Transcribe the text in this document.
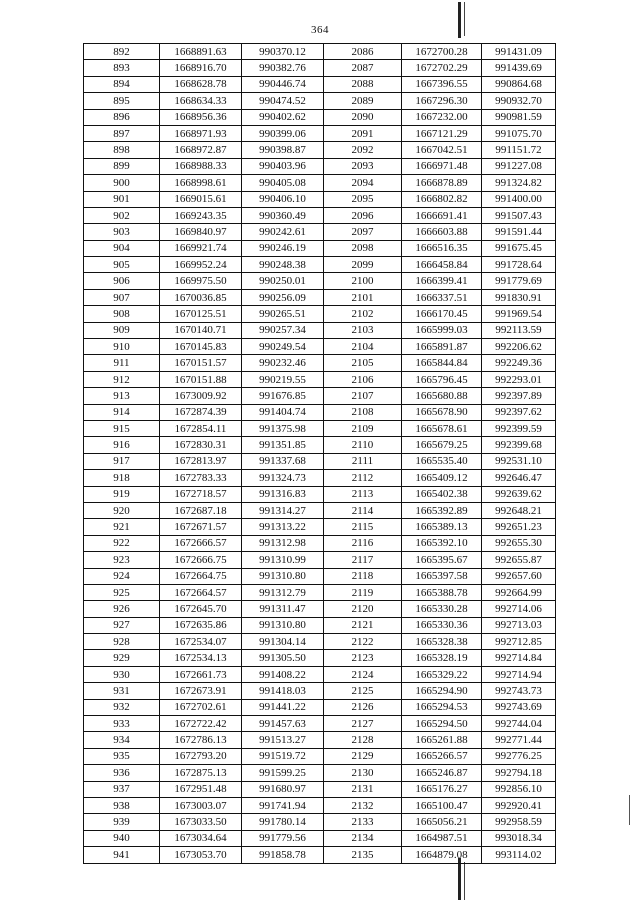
364
892	1668891.63	990370.12	2086	1672700.28	991431.09
893	1668916.70	990382.76	2087	1672702.29	991439.69
894	1668628.78	990446.74	2088	1667396.55	990864.68
895	1668634.33	990474.52	2089	1667296.30	990932.70
896	1668956.36	990402.62	2090	1667232.00	990981.59
897	1668971.93	990399.06	2091	1667121.29	991075.70
898	1668972.87	990398.87	2092	1667042.51	991151.72
899	1668988.33	990403.96	2093	1666971.48	991227.08
900	1668998.61	990405.08	2094	1666878.89	991324.82
901	1669015.61	990406.10	2095	1666802.82	991400.00
902	1669243.35	990360.49	2096	1666691.41	991507.43
903	1669840.97	990242.61	2097	1666603.88	991591.44
904	1669921.74	990246.19	2098	1666516.35	991675.45
905	1669952.24	990248.38	2099	1666458.84	991728.64
906	1669975.50	990250.01	2100	1666399.41	991779.69
907	1670036.85	990256.09	2101	1666337.51	991830.91
908	1670125.51	990265.51	2102	1666170.45	991969.54
909	1670140.71	990257.34	2103	1665999.03	992113.59
910	1670145.83	990249.54	2104	1665891.87	992206.62
911	1670151.57	990232.46	2105	1665844.84	992249.36
912	1670151.88	990219.55	2106	1665796.45	992293.01
913	1673009.92	991676.85	2107	1665680.88	992397.89
914	1672874.39	991404.74	2108	1665678.90	992397.62
915	1672854.11	991375.98	2109	1665678.61	992399.59
916	1672830.31	991351.85	2110	1665679.25	992399.68
917	1672813.97	991337.68	2111	1665535.40	992531.10
918	1672783.33	991324.73	2112	1665409.12	992646.47
919	1672718.57	991316.83	2113	1665402.38	992639.62
920	1672687.18	991314.27	2114	1665392.89	992648.21
921	1672671.57	991313.22	2115	1665389.13	992651.23
922	1672666.57	991312.98	2116	1665392.10	992655.30
923	1672666.75	991310.99	2117	1665395.67	992655.87
924	1672664.75	991310.80	2118	1665397.58	992657.60
925	1672664.57	991312.79	2119	1665388.78	992664.99
926	1672645.70	991311.47	2120	1665330.28	992714.06
927	1672635.86	991310.80	2121	1665330.36	992713.03
928	1672534.07	991304.14	2122	1665328.38	992712.85
929	1672534.13	991305.50	2123	1665328.19	992714.84
930	1672661.73	991408.22	2124	1665329.22	992714.94
931	1672673.91	991418.03	2125	1665294.90	992743.73
932	1672702.61	991441.22	2126	1665294.53	992743.69
933	1672722.42	991457.63	2127	1665294.50	992744.04
934	1672786.13	991513.27	2128	1665261.88	992771.44
935	1672793.20	991519.72	2129	1665266.57	992776.25
936	1672875.13	991599.25	2130	1665246.87	992794.18
937	1672951.48	991680.97	2131	1665176.27	992856.10
938	1673003.07	991741.94	2132	1665100.47	992920.41
939	1673033.50	991780.14	2133	1665056.21	992958.59
940	1673034.64	991779.56	2134	1664987.51	993018.34
941	1673053.70	991858.78	2135	1664879.08	993114.02
